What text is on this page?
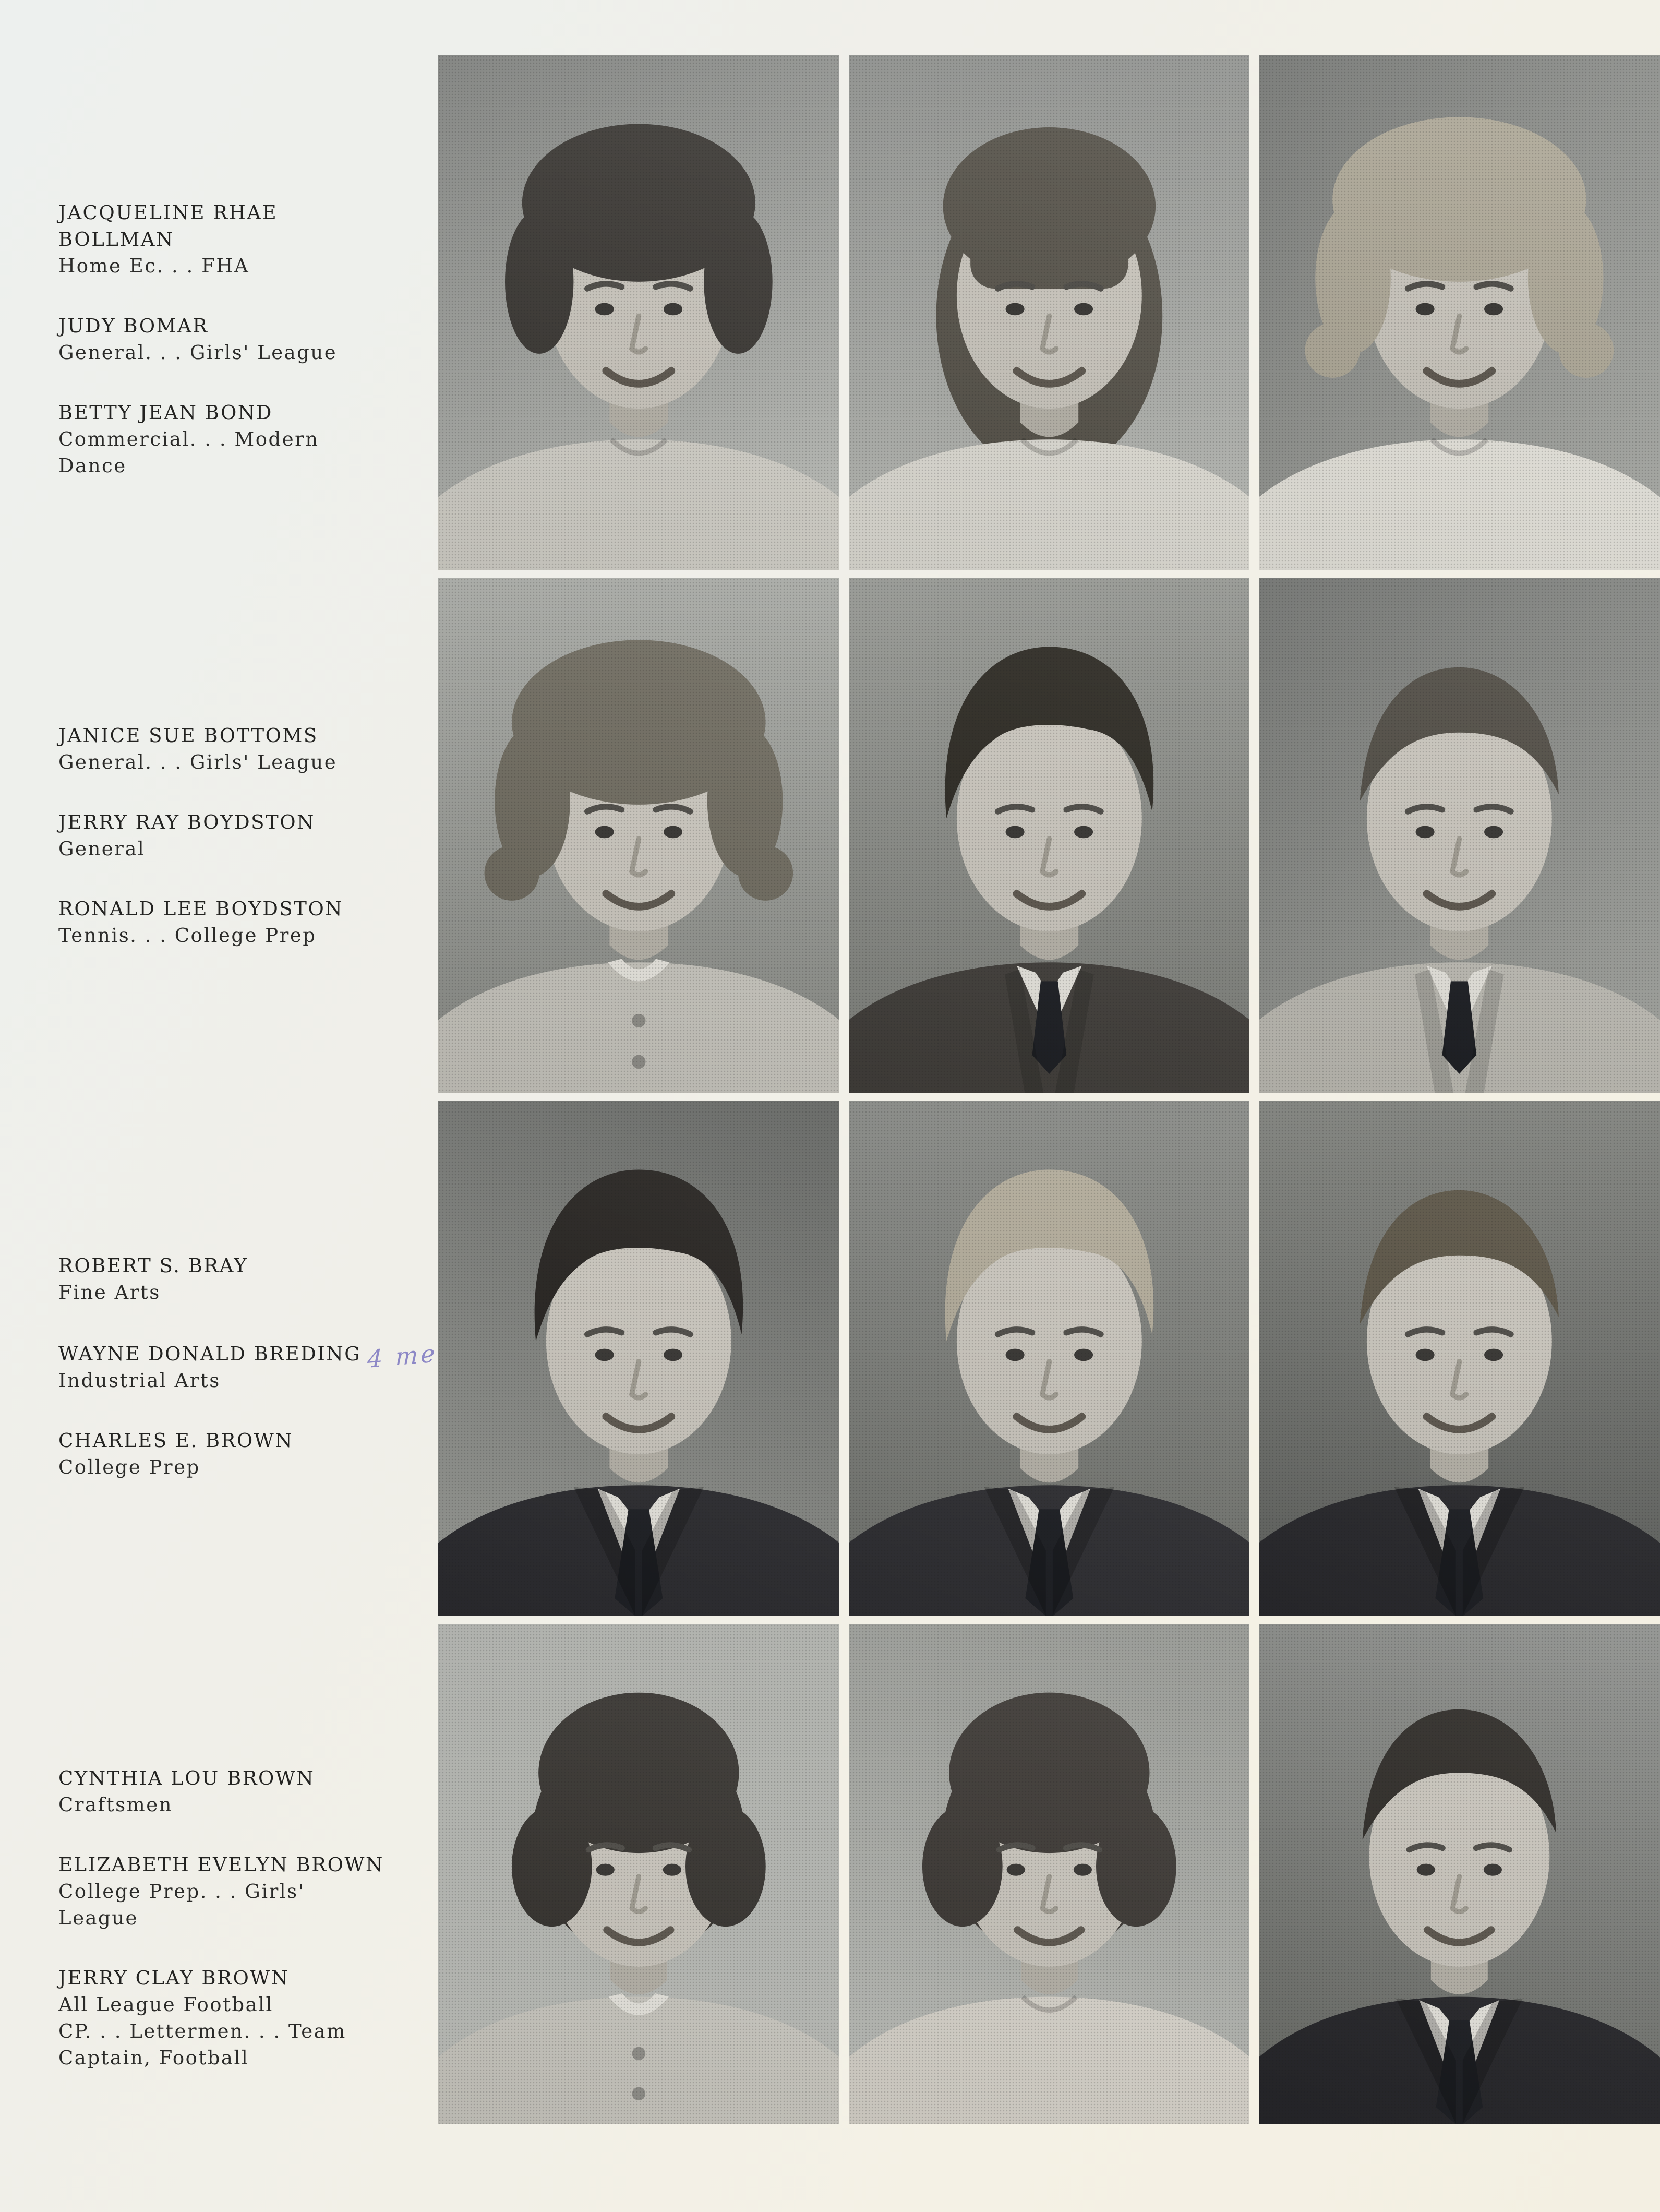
JACQUELINE RHAE
BOLLMAN
Home Ec. . . FHA
JUDY BOMAR
General. . . Girls' League
BETTY JEAN BOND
Commercial. . . Modern
Dance
JANICE SUE BOTTOMS
General. . . Girls' League
JERRY RAY BOYDSTON
General
RONALD LEE BOYDSTON
Tennis. . . College Prep
ROBERT S. BRAY
Fine Arts
WAYNE DONALD BREDING 4 me
Industrial Arts
CHARLES E. BROWN
College Prep
CYNTHIA LOU BROWN
Craftsmen
ELIZABETH EVELYN BROWN
College Prep. . . Girls'
League
JERRY CLAY BROWN
All League Football
CP. . . Lettermen. . . Team
Captain, Football
